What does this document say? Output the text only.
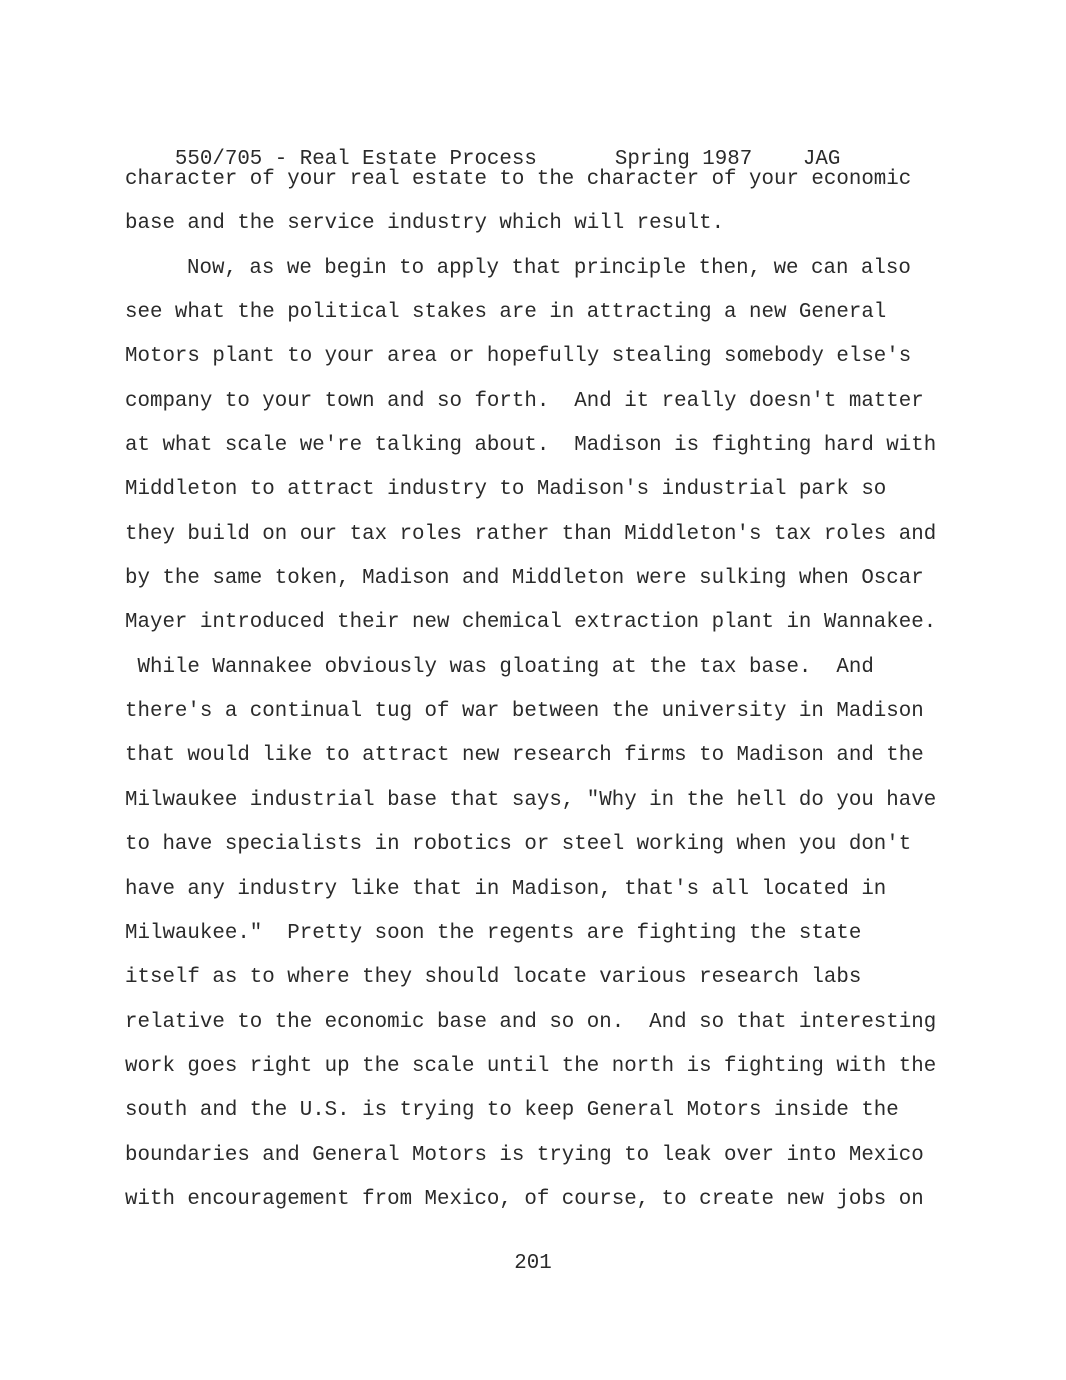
550/705 - Real Estate Process	Spring 1987 JAG

character of your real estate to the character of your economic
base and the service industry which will result.
Now, as we begin to apply that principle then, we can also
see what the political stakes are in attracting a new General
Motors plant to your area or hopefully stealing somebody else's
company to your town and so forth.  And it really doesn't matter
at what scale we're talking about.  Madison is fighting hard with
Middleton to attract industry to Madison's industrial park so
they build on our tax roles rather than Middleton's tax roles and
by the same token, Madison and Middleton were sulking when Oscar
Mayer introduced their new chemical extraction plant in Wannakee.
While Wannakee obviously was gloating at the tax base.  And
there's a continual tug of war between the university in Madison
that would like to attract new research firms to Madison and the
Milwaukee industrial base that says, "Why in the hell do you have
to have specialists in robotics or steel working when you don't
have any industry like that in Madison, that's all located in
Milwaukee."  Pretty soon the regents are fighting the state
itself as to where they should locate various research labs
relative to the economic base and so on.  And so that interesting
work goes right up the scale until the north is fighting with the
south and the U.S. is trying to keep General Motors inside the
boundaries and General Motors is trying to leak over into Mexico
with encouragement from Mexico, of course, to create new jobs on
201
